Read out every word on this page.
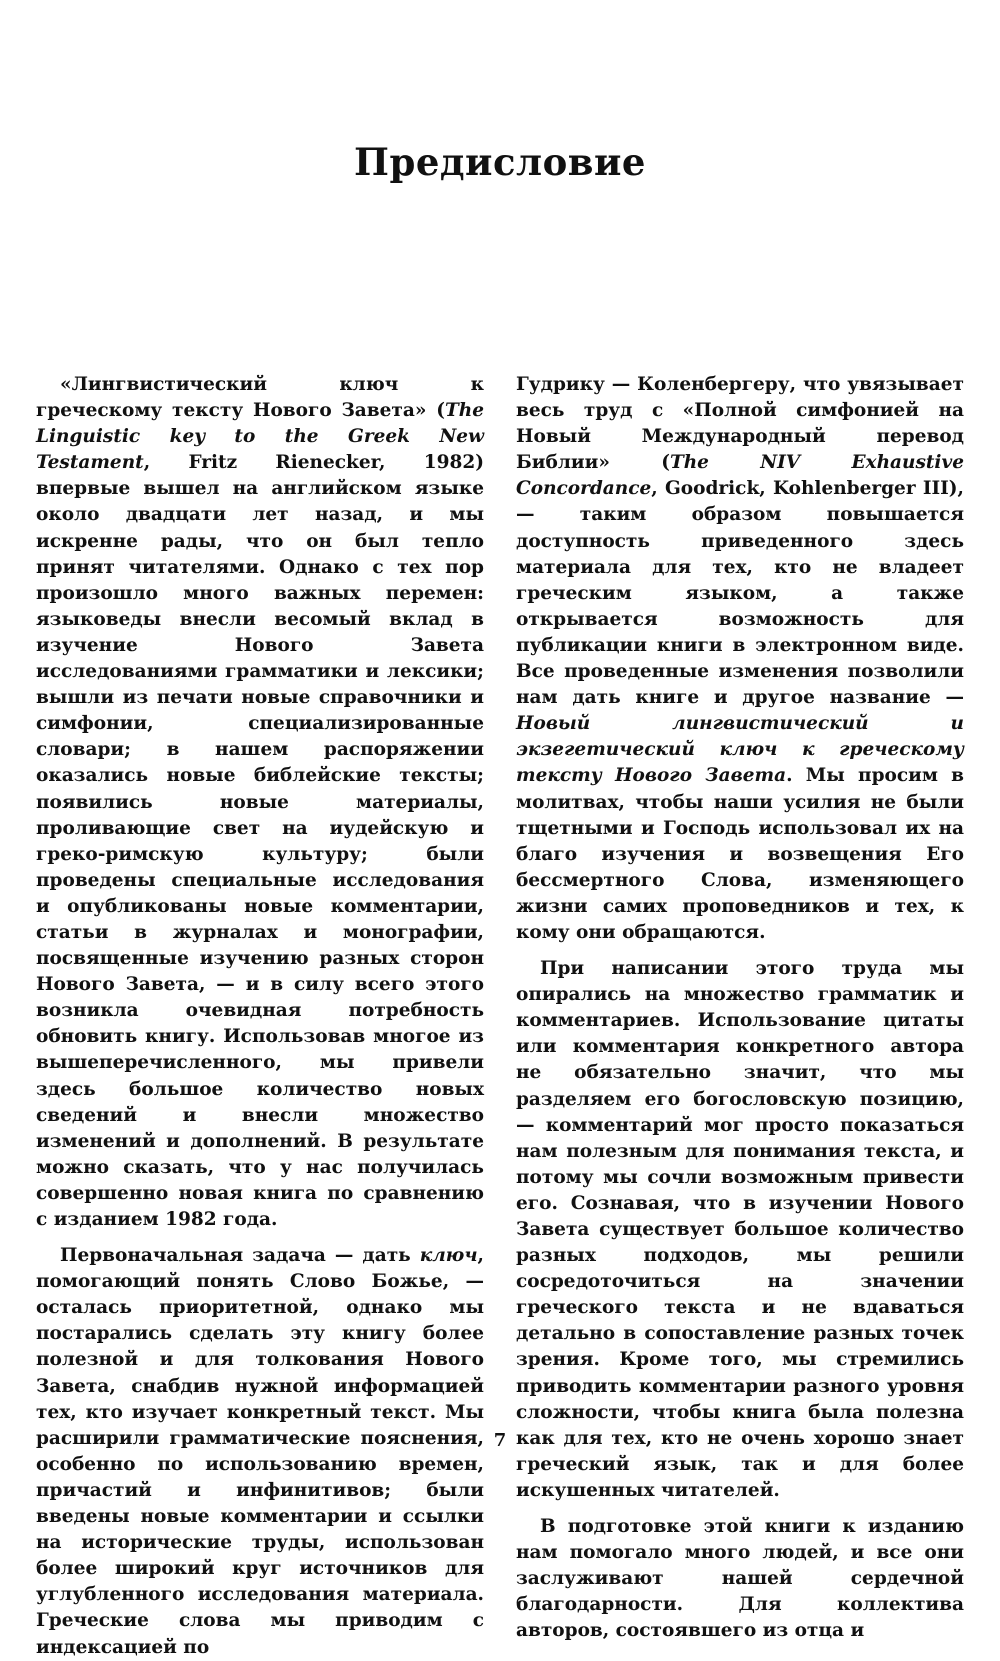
Предисловие

«Лингвистический ключ к греческому тексту Нового Завета» (The Linguistic key to the Greek New Testament, Fritz Rienecker, 1982) впервые вышел на английском языке около двадцати лет назад, и мы искренне рады, что он был тепло принят читателями. Однако с тех пор произошло много важных перемен: языковеды внесли весомый вклад в изучение Нового Завета исследованиями грамматики и лексики; вышли из печати новые справочники и симфонии, специализированные словари; в нашем распоряжении оказались новые библейские тексты; появились новые материалы, проливающие свет на иудейскую и греко-римскую культуру; были проведены специальные исследования и опубликованы новые комментарии, статьи в журналах и монографии, посвященные изучению разных сторон Нового Завета, — и в силу всего этого возникла очевидная потребность обновить книгу. Использовав многое из вышеперечисленного, мы привели здесь большое количество новых сведений и внесли множество изменений и дополнений. В результате можно сказать, что у нас получилась совершенно новая книга по сравнению с изданием 1982 года.

Первоначальная задача — дать ключ, помогающий понять Слово Божье, — осталась приоритетной, однако мы постарались сделать эту книгу более полезной и для толкования Нового Завета, снабдив нужной информацией тех, кто изучает конкретный текст. Мы расширили грамматические пояснения, особенно по использованию времен, причастий и инфинитивов; были введены новые комментарии и ссылки на исторические труды, использован более широкий круг источников для углубленного исследования материала. Греческие слова мы приводим с индексацией по

Гудрику — Коленбергеру, что увязывает весь труд с «Полной симфонией на Новый Международный перевод Библии» (The NIV Exhaustive Concordance, Goodrick, Kohlenberger III), — таким образом повышается доступность приведенного здесь материала для тех, кто не владеет греческим языком, а также открывается возможность для публикации книги в электронном виде. Все проведенные изменения позволили нам дать книге и другое название — Новый лингвистический и экзегетический ключ к греческому тексту Нового Завета. Мы просим в молитвах, чтобы наши усилия не были тщетными и Господь использовал их на благо изучения и возвещения Его бессмертного Слова, изменяющего жизни самих проповедников и тех, к кому они обращаются.

При написании этого труда мы опирались на множество грамматик и комментариев. Использование цитаты или комментария конкретного автора не обязательно значит, что мы разделяем его богословскую позицию, — комментарий мог просто показаться нам полезным для понимания текста, и потому мы сочли возможным привести его. Сознавая, что в изучении Нового Завета существует большое количество разных подходов, мы решили сосредоточиться на значении греческого текста и не вдаваться детально в сопоставление разных точек зрения. Кроме того, мы стремились приводить комментарии разного уровня сложности, чтобы книга была полезна как для тех, кто не очень хорошо знает греческий язык, так и для более искушенных читателей.

В подготовке этой книги к изданию нам помогало много людей, и все они заслуживают нашей сердечной благодарности. Для коллектива авторов, состоявшего из отца и

7
